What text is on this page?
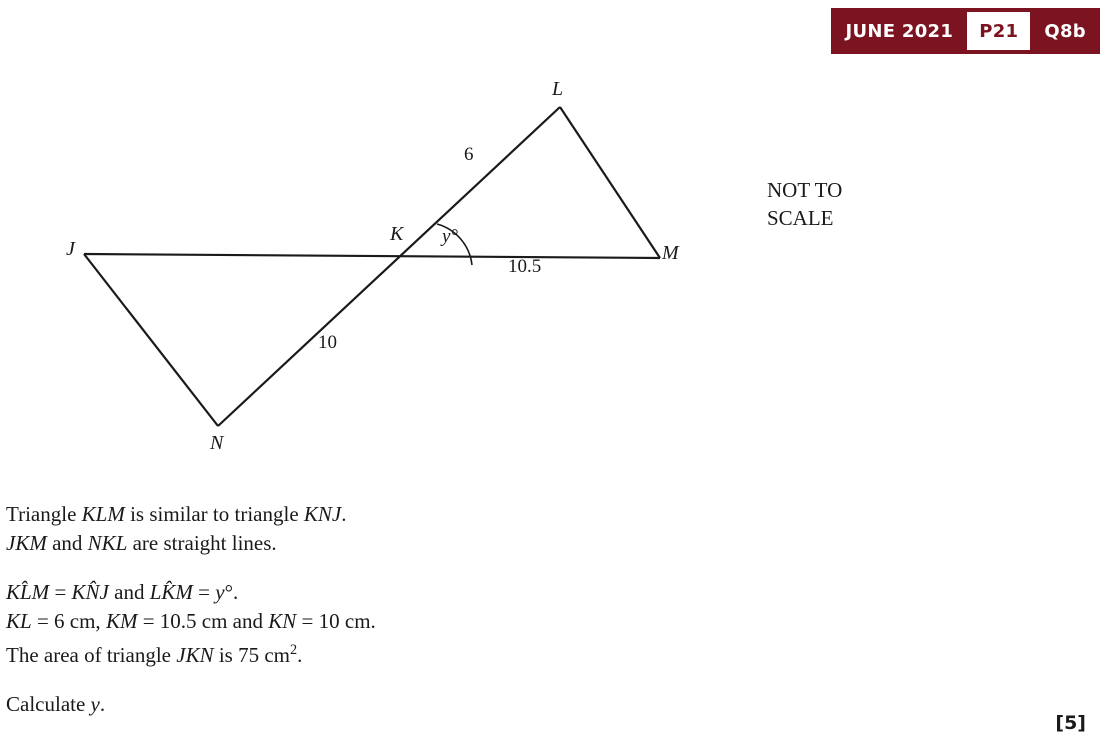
JUNE 2021	P21	Q8b
J
K
L
M
N
6
10.5
10
y°
NOT TO
SCALE
Triangle KLM is similar to triangle KNJ.
JKM and NKL are straight lines.
KL̂M = KN̂J and LK̂M = y°.
KL = 6 cm, KM = 10.5 cm and KN = 10 cm.
The area of triangle JKN is 75 $cm^2$.
Calculate y.
[5]
